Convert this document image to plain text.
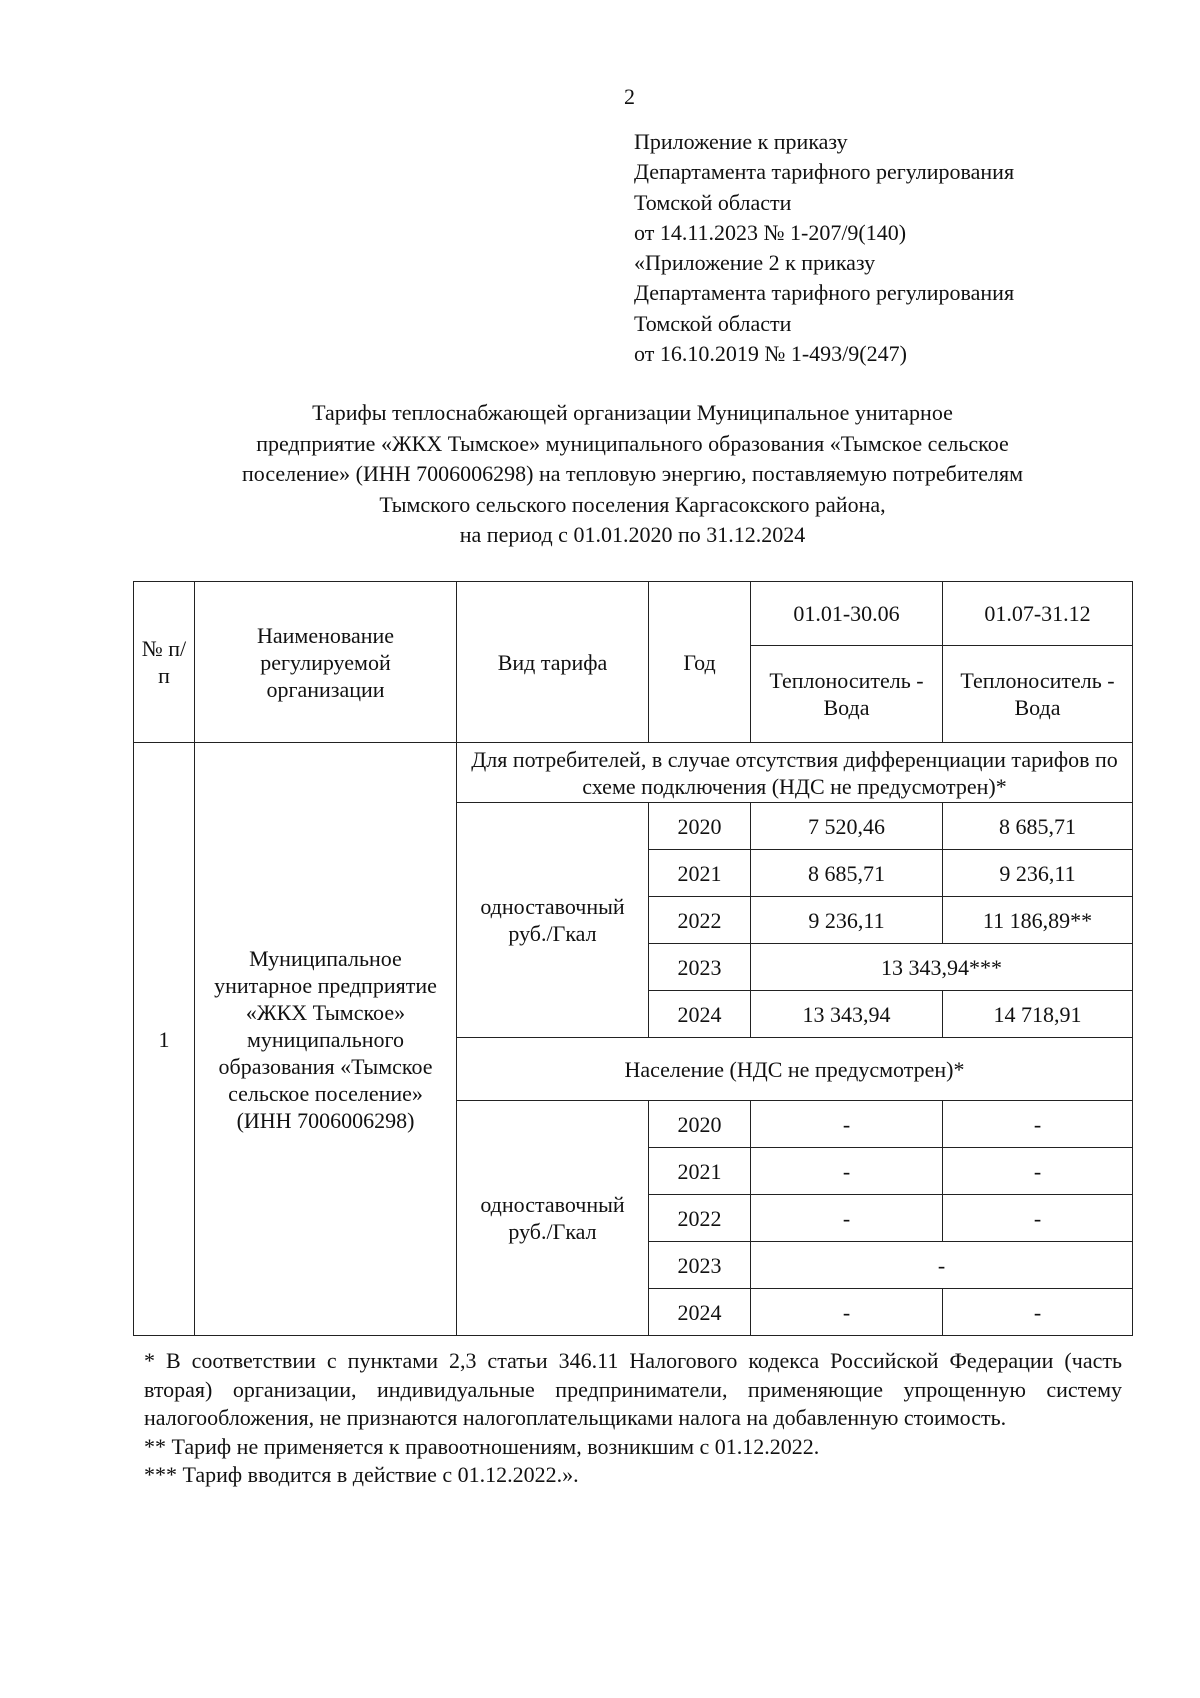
2
Приложение к приказу
Департамента тарифного регулирования
Томской области
от 14.11.2023 № 1-207/9(140)
«Приложение 2 к приказу
Департамента тарифного регулирования
Томской области
от 16.10.2019 № 1-493/9(247)
Тарифы теплоснабжающей организации Муниципальное унитарное
предприятие «ЖКХ Тымское» муниципального образования «Тымское сельское
поселение» (ИНН 7006006298) на тепловую энергию, поставляемую потребителям
Тымского сельского поселения Каргасокского района,
на период с 01.01.2020 по 31.12.2024
№ п/п	Наименование регулируемой организации	Вид тарифа	Год	01.01-30.06	01.07-31.12
				Теплоноситель - Вода	Теплоноситель - Вода
1	Муниципальное унитарное предприятие «ЖКХ Тымское» муниципального образования «Тымское сельское поселение» (ИНН 7006006298)	Для потребителей, в случае отсутствия дифференциации тарифов по схеме подключения (НДС не предусмотрен)*			
		одноставочный руб./Гкал	2020	7 520,46	8 685,71
			2021	8 685,71	9 236,11
			2022	9 236,11	11 186,89**
			2023	13 343,94***	
			2024	13 343,94	14 718,91
		Население (НДС не предусмотрен)*			
		одноставочный руб./Гкал	2020	-	-
			2021	-	-
			2022	-	-
			2023	-	
			2024	-	-
* В соответствии с пунктами 2,3 статьи 346.11 Налогового кодекса Российской Федерации (часть вторая) организации, индивидуальные предприниматели, применяющие упрощенную систему налогообложения, не признаются налогоплательщиками налога на добавленную стоимость.
** Тариф не применяется к правоотношениям, возникшим с 01.12.2022.
*** Тариф вводится в действие с 01.12.2022.».
